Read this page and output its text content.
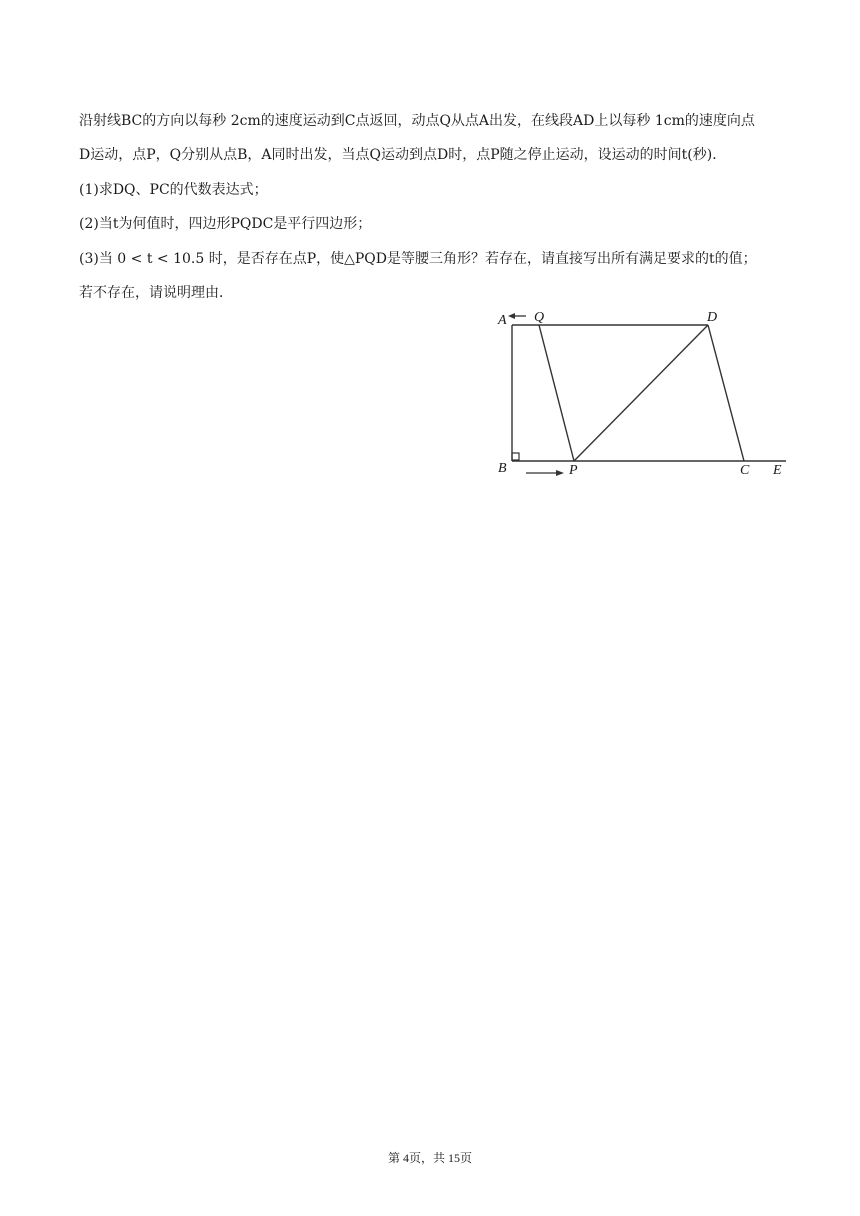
沿射线BC的方向以每秒 2cm的速度运动到C点返回，动点Q从点A出发，在线段AD上以每秒 1cm的速度向点
D运动，点P，Q分别从点B，A同时出发，当点Q运动到点D时，点P随之停止运动，设运动的时间t(秒)．
(1)求DQ、PC的代数表达式；
(2)当t为何值时，四边形PQDC是平行四边形；
(3)当 0 < t < 10.5 时，是否存在点P，使△PQD是等腰三角形？若存在，请直接写出所有满足要求的t的值；
若不存在，请说明理由．
A Q	D
B	P	C E
第 4页，共 15页
